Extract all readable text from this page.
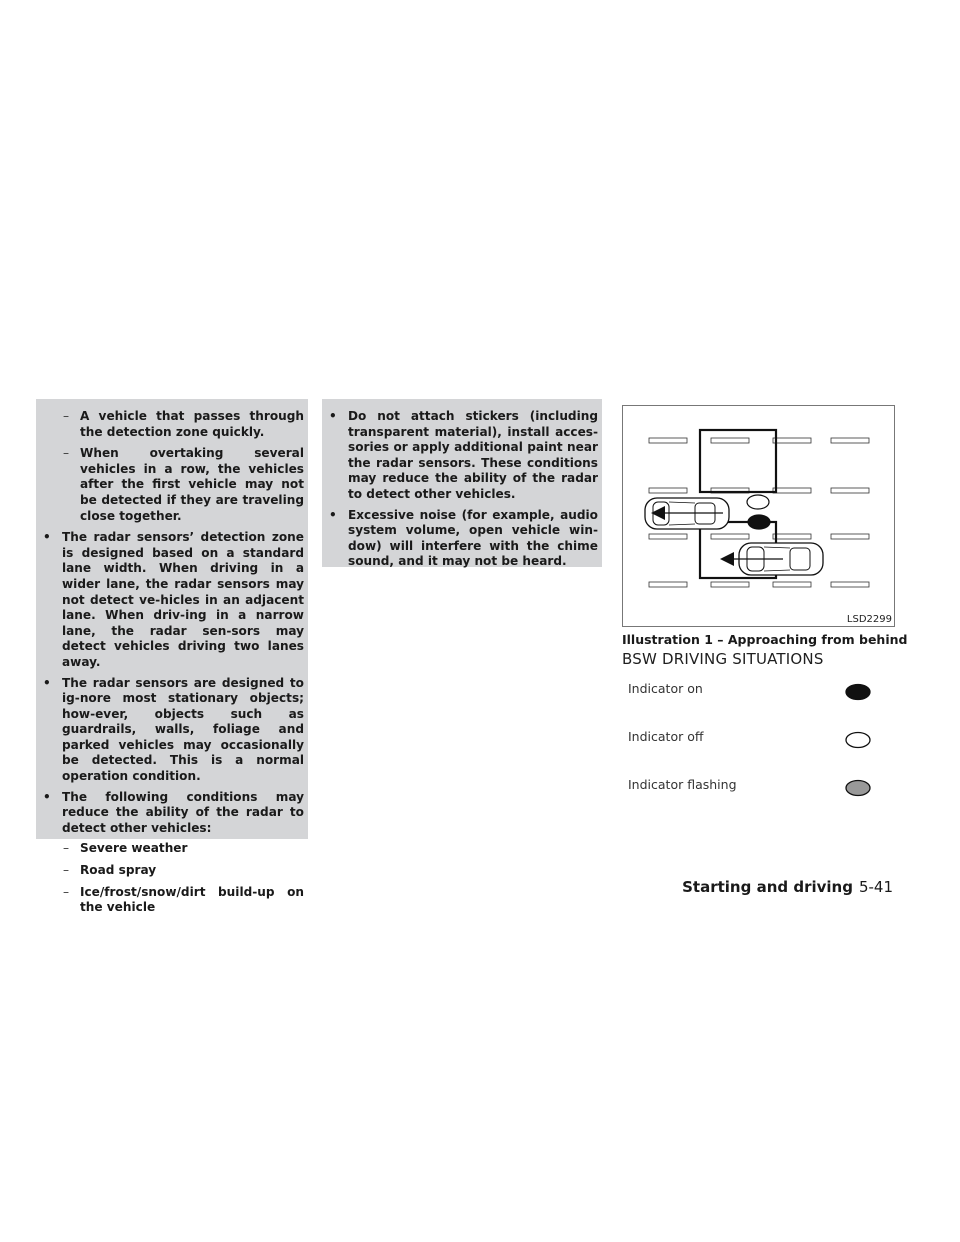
– A vehicle that passes through the detection zone quickly.

– When overtaking several vehicles in a row, the vehicles after the first vehicle may not be detected if they are traveling close together.

• The radar sensors’ detection zone is designed based on a standard lane width. When driving in a wider lane, the radar sensors may not detect ve-hicles in an adjacent lane. When driv-ing in a narrow lane, the radar sen-sors may detect vehicles driving two lanes away.

• The radar sensors are designed to ig-nore most stationary objects; how-ever, objects such as guardrails, walls, foliage and parked vehicles may occasionally be detected. This is a normal operation condition.

• The following conditions may reduce the ability of the radar to detect other vehicles:

– Severe weather

– Road spray

– Ice/frost/snow/dirt build-up on the vehicle

• Do not attach stickers (including transparent material), install acces-sories or apply additional paint near the radar sensors. These conditions may reduce the ability of the radar to detect other vehicles.

• Excessive noise (for example, audio system volume, open vehicle win-dow) will interfere with the chime sound, and it may not be heard.

LSD2299
Illustration 1 – Approaching from behind
BSW DRIVING SITUATIONS
Indicator on
Indicator off
Indicator flashing
Starting and driving 5-41
